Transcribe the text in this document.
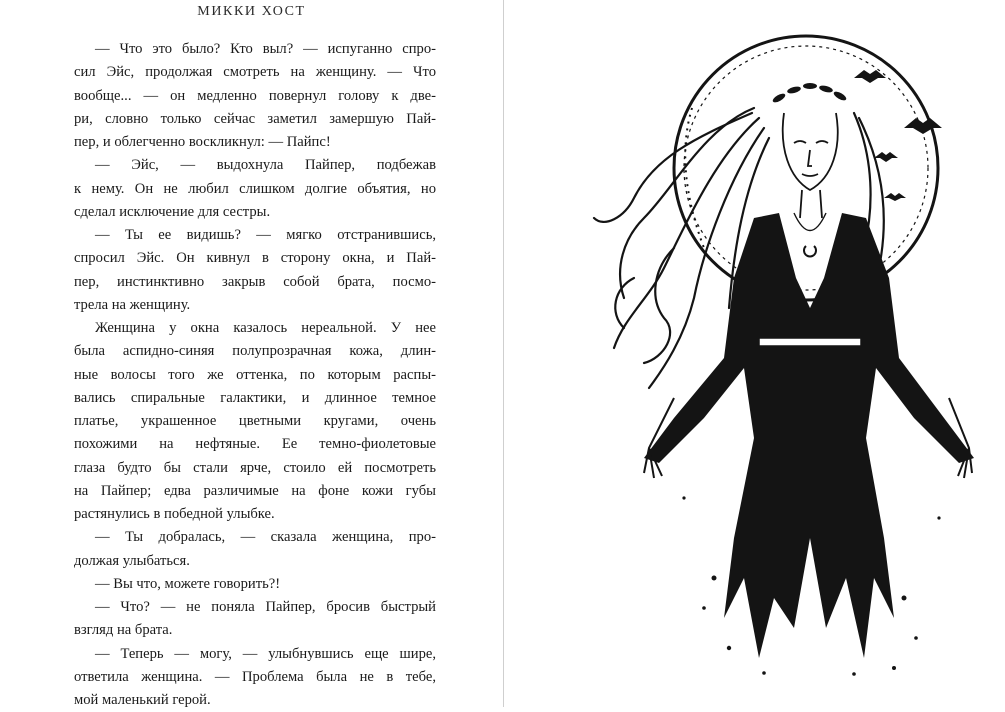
МИККИ ХОСТ
— Что это было? Кто выл? — испуганно спро-
сил Эйс, продолжая смотреть на женщину. — Что
вообще... — он медленно повернул голову к две-
ри, словно только сейчас заметил замершую Пай-
пер, и облегченно воскликнул: — Пайпс!
— Эйс, — выдохнула Пайпер, подбежав
к нему. Он не любил слишком долгие объятия, но
сделал исключение для сестры.
— Ты ее видишь? — мягко отстранившись,
спросил Эйс. Он кивнул в сторону окна, и Пай-
пер, инстинктивно закрыв собой брата, посмо-
трела на женщину.
Женщина у окна казалось нереальной. У нее
была аспидно-синяя полупрозрачная кожа, длин-
ные волосы того же оттенка, по которым распы-
вались спиральные галактики, и длинное темное
платье, украшенное цветными кругами, очень
похожими на нефтяные. Ее темно-фиолетовые
глаза будто бы стали ярче, стоило ей посмотреть
на Пайпер; едва различимые на фоне кожи губы
растянулись в победной улыбке.
— Ты добралась, — сказала женщина, про-
должая улыбаться.
— Вы что, можете говорить?!
— Что? — не поняла Пайпер, бросив быстрый
взгляд на брата.
— Теперь — могу, — улыбнувшись еще шире,
ответила женщина. — Проблема была не в тебе,
мой маленький герой.
